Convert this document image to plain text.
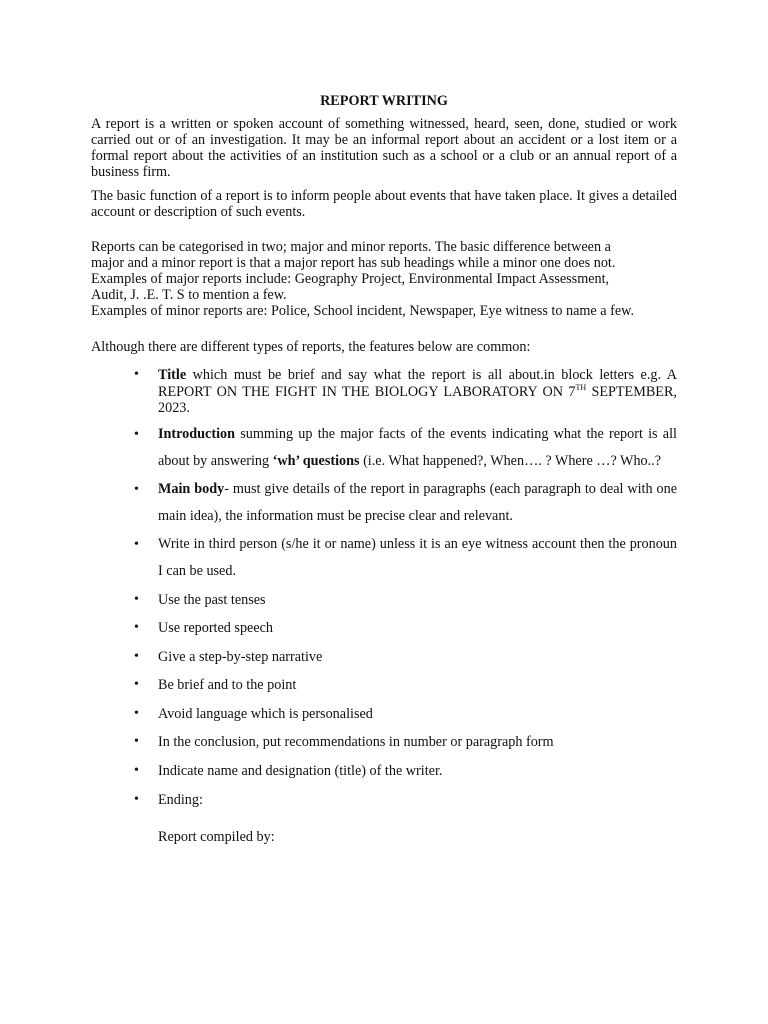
REPORT WRITING

A report is a written or spoken account of something witnessed, heard, seen, done, studied or work carried out or of an investigation. It may be an informal report about an accident or a lost item or a formal report about the activities of an institution such as a school or a club or an annual report of a business firm.

The basic function of a report is to inform people about events that have taken place. It gives a detailed account or description of such events.

Reports can be categorised in two; major and minor reports. The basic difference between a
major and a minor report is that a major report has sub headings while a minor one does not.
Examples of major reports include: Geography Project, Environmental Impact Assessment,
Audit, J. .E. T. S to mention a few.
Examples of minor reports are: Police, School incident, Newspaper, Eye witness to name a few.

Although there are different types of reports, the features below are common:

• Title which must be brief and say what the report is all about.in block letters e.g. A REPORT ON THE FIGHT IN THE BIOLOGY LABORATORY ON 7TH SEPTEMBER, 2023.
• Introduction summing up the major facts of the events indicating what the report is all about by answering ‘wh’ questions (i.e. What happened?, When…. ? Where …? Who..?
• Main body- must give details of the report in paragraphs (each paragraph to deal with one main idea), the information must be precise clear and relevant.
• Write in third person (s/he it or name) unless it is an eye witness account then the pronoun I can be used.
• Use the past tenses
• Use reported speech
• Give a step-by-step narrative
• Be brief and to the point
• Avoid language which is personalised
• In the conclusion, put recommendations in number or paragraph form
• Indicate name and designation (title) of the writer.
• Ending:
Report compiled by:
